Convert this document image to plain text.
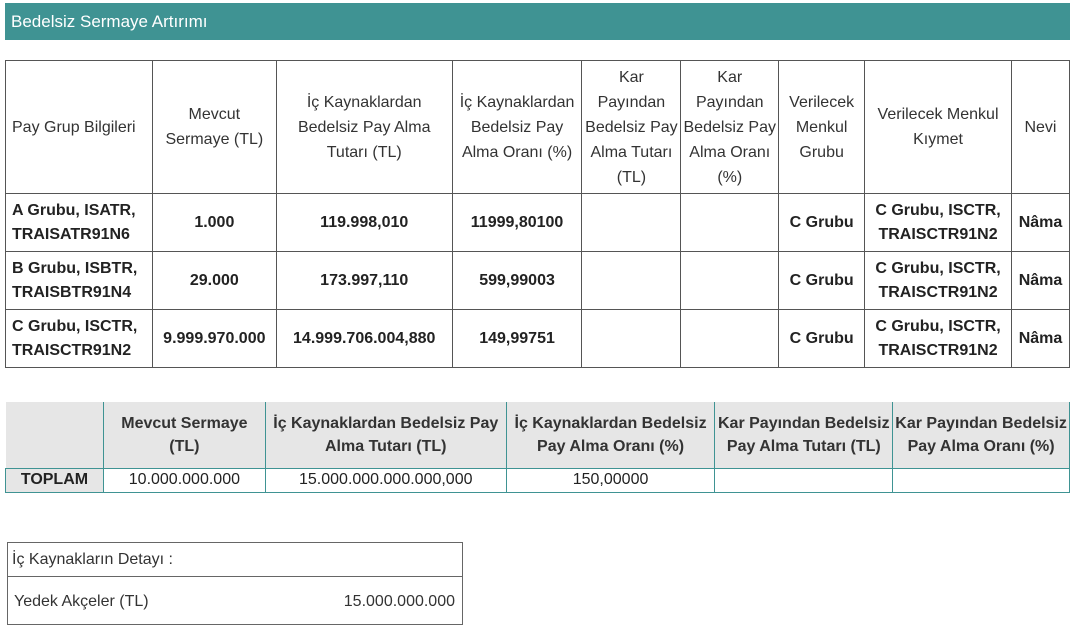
Bedelsiz Sermaye Artırımı
Pay Grup Bilgileri	Mevcut Sermaye (TL)	İç Kaynaklardan Bedelsiz Pay Alma Tutarı (TL)	İç Kaynaklardan Bedelsiz Pay Alma Oranı (%)	Kar Payından Bedelsiz Pay Alma Tutarı (TL)	Kar Payından Bedelsiz Pay Alma Oranı (%)	Verilecek Menkul Grubu	Verilecek Menkul Kıymet	Nevi
A Grubu, ISATR, TRAISATR91N6	1.000	119.998,010	11999,80100			C Grubu	C Grubu, ISCTR, TRAISCTR91N2	Nâma
B Grubu, ISBTR, TRAISBTR91N4	29.000	173.997,110	599,99003			C Grubu	C Grubu, ISCTR, TRAISCTR91N2	Nâma
C Grubu, ISCTR, TRAISCTR91N2	9.999.970.000	14.999.706.004,880	149,99751			C Grubu	C Grubu, ISCTR, TRAISCTR91N2	Nâma
	Mevcut Sermaye (TL)	İç Kaynaklardan Bedelsiz Pay Alma Tutarı (TL)	İç Kaynaklardan Bedelsiz Pay Alma Oranı (%)	Kar Payından Bedelsiz Pay Alma Tutarı (TL)	Kar Payından Bedelsiz Pay Alma Oranı (%)
TOPLAM	10.000.000.000	15.000.000.000.000,000	150,00000		
İç Kaynakların Detayı :
Yedek Akçeler (TL)	15.000.000.000
